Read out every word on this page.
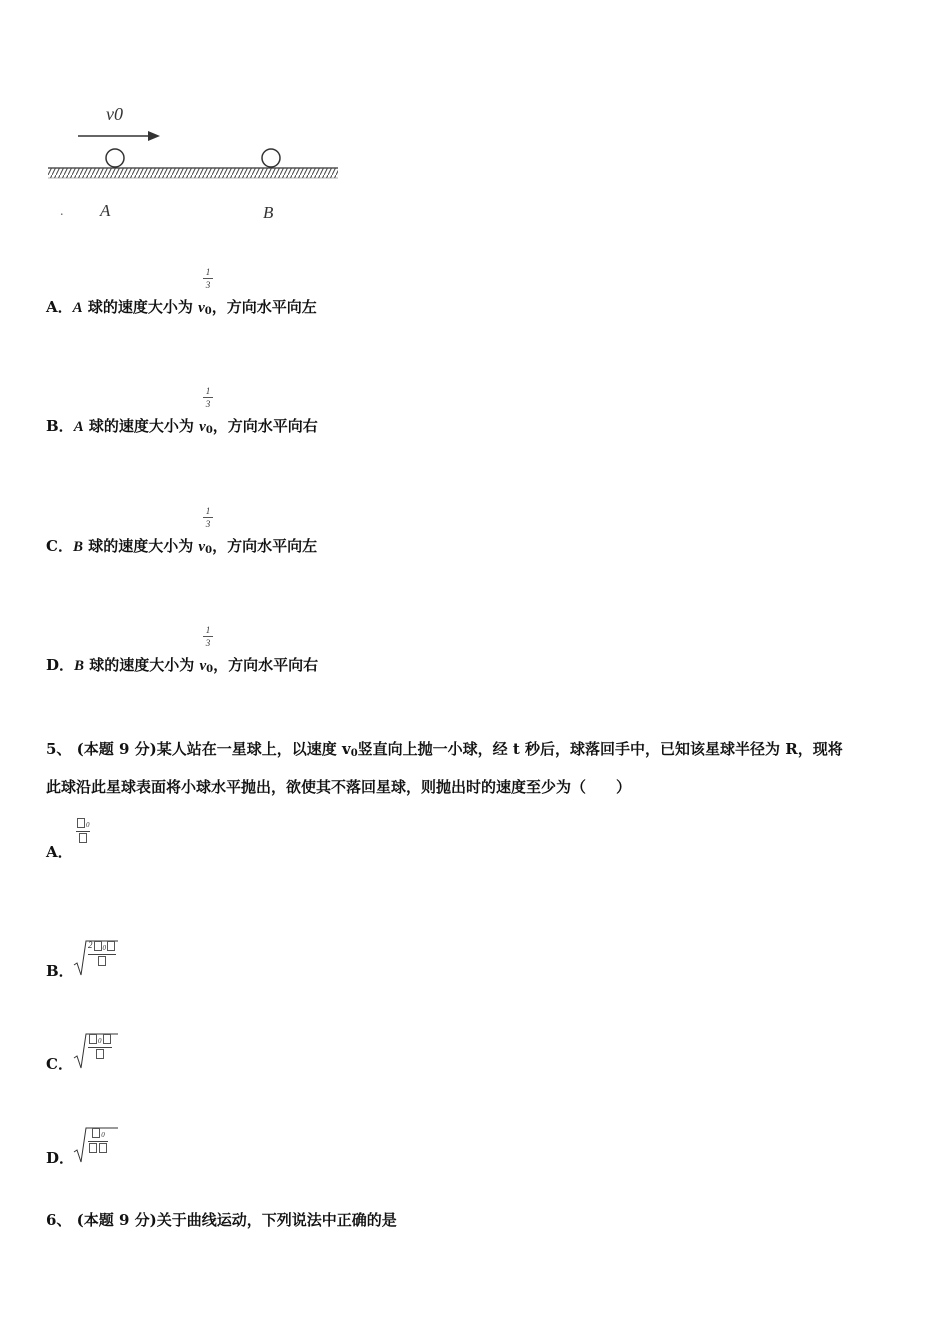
v0
. A	B
A．A 球的速度大小为 $v_0$，方向水平向左
1
3
B．A 球的速度大小为 $v_0$，方向水平向右
1
3
C．B 球的速度大小为 $v_0$，方向水平向左
1
3
D．B 球的速度大小为 $v_0$，方向水平向右
1
3
5、 (本题 9 分)某人站在一星球上，以速度 v0竖直向上抛一小球，经 t 秒后，球落回手中，已知该星球半径为 R，现将
此球沿此星球表面将小球水平抛出，欲使其不落回星球，则抛出时的速度至少为（　　）
A．
$_0$
B．
2 $_0$
C．
$_0$
D．
$_0$
6、 (本题 9 分)关于曲线运动，下列说法中正确的是
